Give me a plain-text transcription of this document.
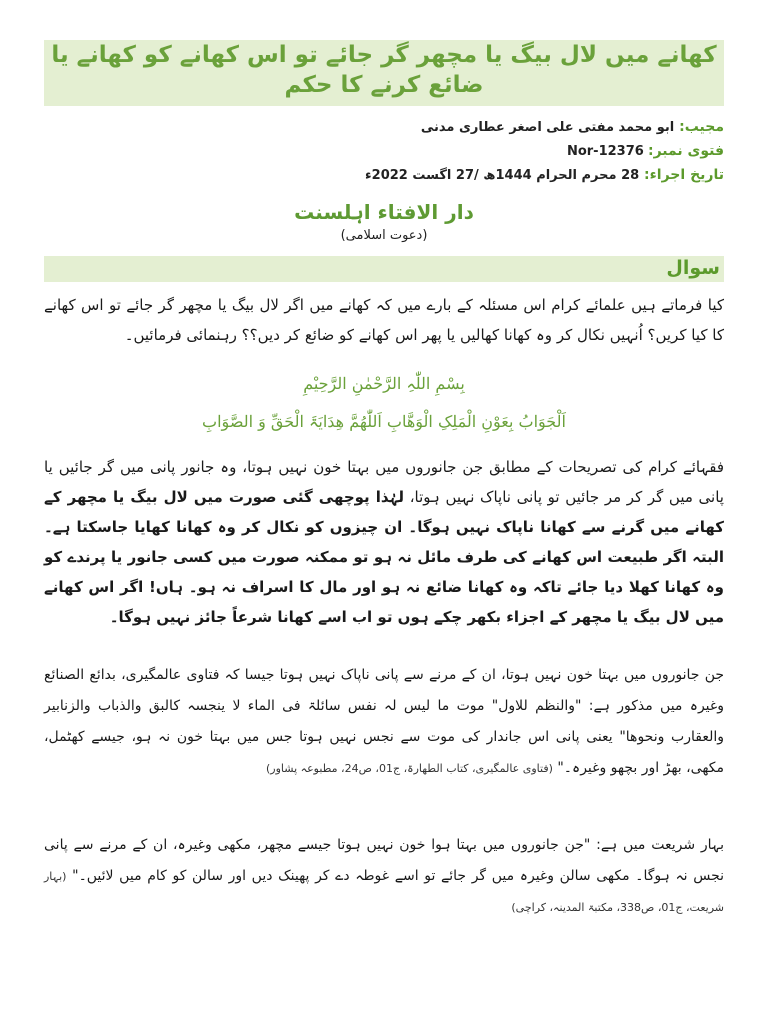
کھانے میں لال بیگ یا مچھر گر جائے تو اس کھانے کو کھانے یا
ضائع کرنے کا حکم
مجیب: ابو محمد مفتی علی اصغر عطاری مدنی
فتوی نمبر: Nor-12376
تاریخ اجراء: 28 محرم الحرام 1444ھ /27 اگست 2022ء
دار الافتاء اہلسنت
(دعوت اسلامی)
سوال
کیا فرماتے ہیں علمائے کرام اس مسئلہ کے بارے میں کہ کھانے میں اگر لال بیگ یا مچھر گر جائے تو اس کھانے کا کیا کریں؟ اُنہیں نکال کر وہ کھانا کھالیں یا پھر اس کھانے کو ضائع کر دیں؟؟ رہنمائی فرمائیں۔
بِسْمِ اللّٰہِ الرَّحْمٰنِ الرَّحِیْمِ
اَلْجَوَابُ بِعَوْنِ الْمَلِکِ الْوَھَّابِ اَللّٰھُمَّ ھِدَایَۃَ الْحَقِّ وَ الصَّوَابِ
فقہائے کرام کی تصریحات کے مطابق جن جانوروں میں بہتا خون نہیں ہوتا، وہ جانور پانی میں گر جائیں یا پانی میں گر کر مر جائیں تو پانی ناپاک نہیں ہوتا، لہٰذا پوچھی گئی صورت میں لال بیگ یا مچھر کے کھانے میں گرنے سے کھانا ناپاک نہیں ہوگا۔ ان چیزوں کو نکال کر وہ کھانا کھایا جاسکتا ہے۔ البتہ اگر طبیعت اس کھانے کی طرف مائل نہ ہو تو ممکنہ صورت میں کسی جانور یا پرندے کو وہ کھانا کھلا دیا جائے تاکہ وہ کھانا ضائع نہ ہو اور مال کا اسراف نہ ہو۔ ہاں! اگر اس کھانے میں لال بیگ یا مچھر کے اجزاء بکھر چکے ہوں تو اب اسے کھانا شرعاً جائز نہیں ہوگا۔
جن جانوروں میں بہتا خون نہیں ہوتا، ان کے مرنے سے پانی ناپاک نہیں ہوتا جیسا کہ فتاوی عالمگیری، بدائع الصنائع وغیرہ میں مذکور ہے: "والنظم للاول" موت ما لیس لہ نفس سائلۃ فی الماء لا ینجسہ کالبق والذباب والزنابیر والعقارب ونحوھا" یعنی پانی اس جاندار کی موت سے نجس نہیں ہوتا جس میں بہتا خون نہ ہو، جیسے کھٹمل، مکھی، بھڑ اور بچھو وغیرہ۔" (فتاوی عالمگیری، کتاب الطھارۃ، ج01، ص24، مطبوعہ پشاور)
بہار شریعت میں ہے: "جن جانوروں میں بہتا ہوا خون نہیں ہوتا جیسے مچھر، مکھی وغیرہ، ان کے مرنے سے پانی نجس نہ ہوگا۔ مکھی سالن وغیرہ میں گر جائے تو اسے غوطہ دے کر پھینک دیں اور سالن کو کام میں لائیں۔" (بہار شریعت، ج01، ص338، مکتبۃ المدینہ، کراچی)
